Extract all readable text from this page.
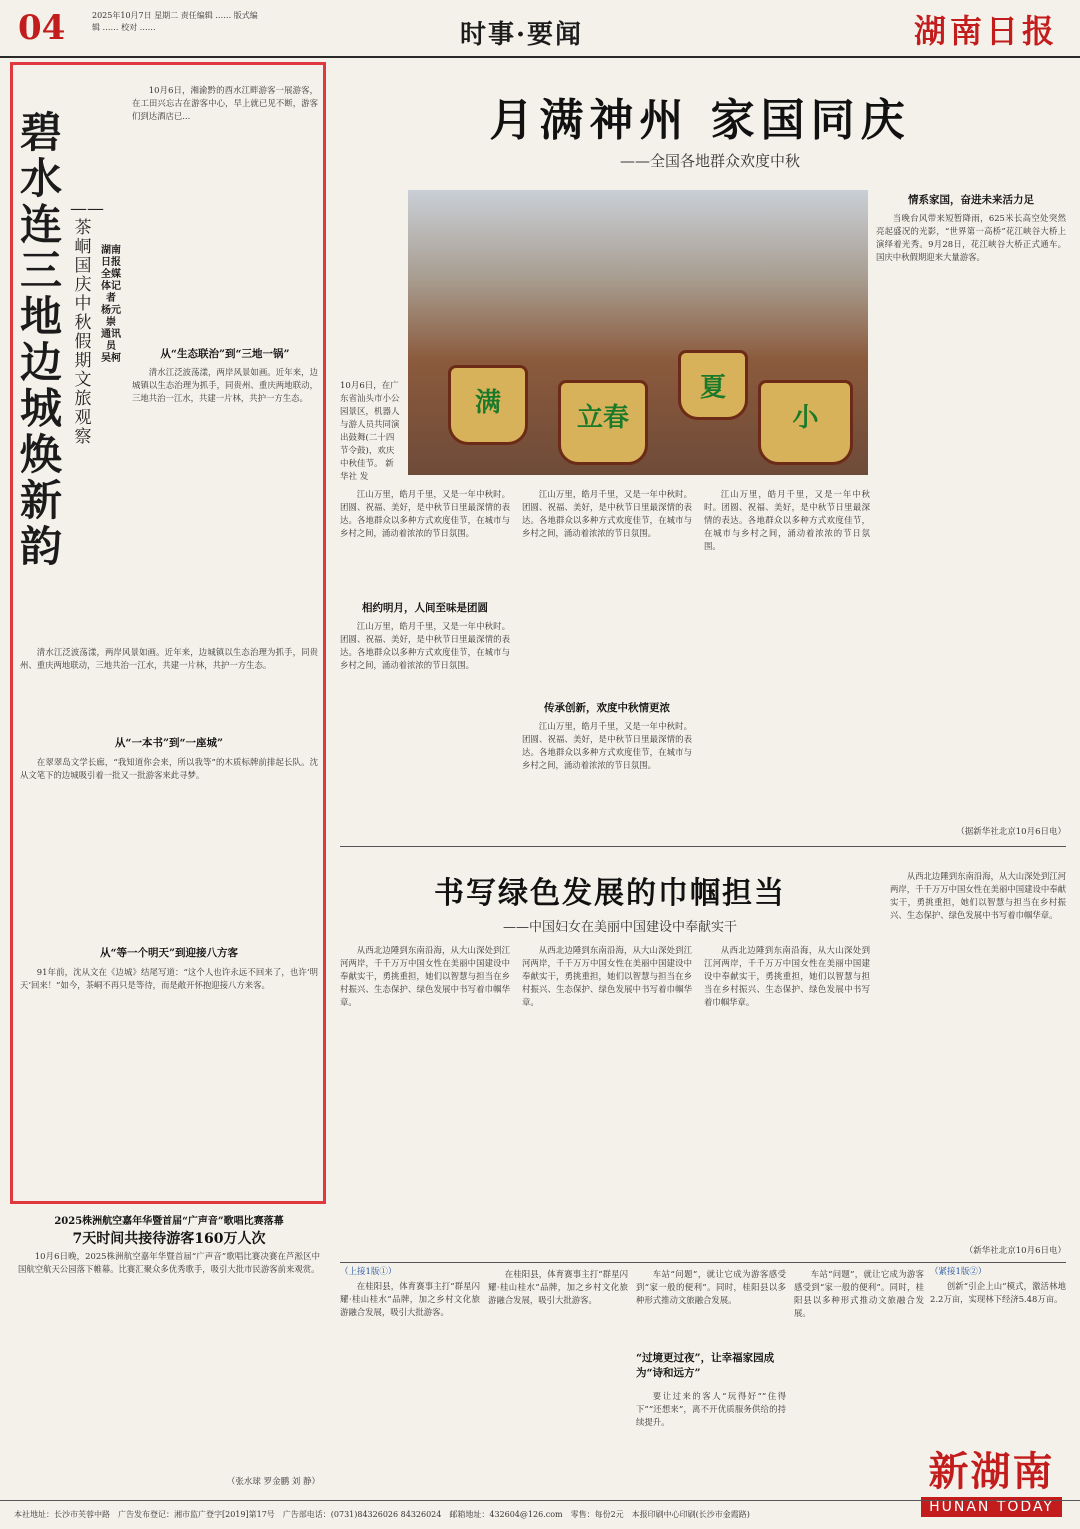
04	2025年10月7日 星期二 责任编辑 …… 版式编辑 …… 校对 ……	时事·要闻	湖南日报
碧水连三地 边城焕新韵
——茶峒国庆中秋假期文旅观察
湖南日报全媒体记者 杨元崇 通讯员 吴柯

10月6日，湘渝黔的酉水江畔游客一展游客，在工田兴忘古在游客中心，早上就已见不断，游客们到达酒店已...

从“生态联治”到“三地一锅”

清水江泛波荡漾，两岸风景如画。近年来，边城镇以生态治理为抓手，同贵州、重庆两地联动，三地共治一江水，共建一片林，共护一方生态。

清水江泛波荡漾，两岸风景如画。近年来，边城镇以生态治理为抓手，同贵州、重庆两地联动，三地共治一江水，共建一片林，共护一方生态。

从“一本书”到“一座城”

在翠翠岛文学长廊，“我知道你会来，所以我等”的木质标牌前排起长队。沈从文笔下的边城吸引着一批又一批游客来此寻梦。

从“等一个明天”到迎接八方客

91年前，沈从文在《边城》结尾写道：“这个人也许永远不回来了，也许‘明天’回来！”如今，茶峒不再只是等待，而是敞开怀抱迎接八方来客。

2025株洲航空嘉年华暨首届“广声音”歌唱比赛落幕
7天时间共接待游客160万人次

10月6日晚，2025株洲航空嘉年华暨首届“广声音”歌唱比赛决赛在芦淞区中国航空航天公园落下帷幕。比赛汇聚众多优秀歌手，吸引大批市民游客前来观赏。

（张水球 罗金鹏 刘 静）
月满神州 家国同庆
——全国各地群众欢度中秋
满	立春
夏
小
10月6日，在广东省汕头市小公园景区，机器人与游人员共同演出鼓舞(二十四节令鼓)，欢庆中秋佳节。 新华社 发
情系家国，奋进未来活力足

当晚台风带来短暂降雨，625米长高空处突然亮起盛况的光影，“世界第一高桥”花江峡谷大桥上演绎着光秀。9月28日，花江峡谷大桥正式通车。国庆中秋假期迎来大量游客。

江山万里，皓月千里，又是一年中秋时。团圆、祝福、美好，是中秋节日里最深情的表达。各地群众以多种方式欢度佳节，在城市与乡村之间，涌动着浓浓的节日氛围。

相约明月，人间至味是团圆

江山万里，皓月千里，又是一年中秋时。团圆、祝福、美好，是中秋节日里最深情的表达。各地群众以多种方式欢度佳节，在城市与乡村之间，涌动着浓浓的节日氛围。

江山万里，皓月千里，又是一年中秋时。团圆、祝福、美好，是中秋节日里最深情的表达。各地群众以多种方式欢度佳节，在城市与乡村之间，涌动着浓浓的节日氛围。

传承创新，欢度中秋情更浓

江山万里，皓月千里，又是一年中秋时。团圆、祝福、美好，是中秋节日里最深情的表达。各地群众以多种方式欢度佳节，在城市与乡村之间，涌动着浓浓的节日氛围。

江山万里，皓月千里，又是一年中秋时。团圆、祝福、美好，是中秋节日里最深情的表达。各地群众以多种方式欢度佳节，在城市与乡村之间，涌动着浓浓的节日氛围。

（据新华社北京10月6日电）
书写绿色发展的巾帼担当
——中国妇女在美丽中国建设中奉献实干

从西北边陲到东南沿海，从大山深处到江河两岸，千千万万中国女性在美丽中国建设中奉献实干，勇挑重担，她们以智慧与担当在乡村振兴、生态保护、绿色发展中书写着巾帼华章。

从西北边陲到东南沿海，从大山深处到江河两岸，千千万万中国女性在美丽中国建设中奉献实干，勇挑重担，她们以智慧与担当在乡村振兴、生态保护、绿色发展中书写着巾帼华章。

从西北边陲到东南沿海，从大山深处到江河两岸，千千万万中国女性在美丽中国建设中奉献实干，勇挑重担，她们以智慧与担当在乡村振兴、生态保护、绿色发展中书写着巾帼华章。

从西北边陲到东南沿海，从大山深处到江河两岸，千千万万中国女性在美丽中国建设中奉献实干，勇挑重担，她们以智慧与担当在乡村振兴、生态保护、绿色发展中书写着巾帼华章。

（新华社北京10月6日电）
（上接1版①）

在桂阳县，体育赛事主打“群星闪耀·桂山桂水”品牌，加之乡村文化旅游融合发展，吸引大批游客。

在桂阳县，体育赛事主打“群星闪耀·桂山桂水”品牌，加之乡村文化旅游融合发展，吸引大批游客。

车站“问题”，就让它成为游客感受到“家一般的便利”。同时，桂阳县以多种形式推动文旅融合发展。

“过境更过夜”，让幸福家园成为“诗和远方”

要让过来的客人“玩得好”“住得下”“还想来”，离不开优质服务供给的持续提升。

车站“问题”，就让它成为游客感受到“家一般的便利”。同时，桂阳县以多种形式推动文旅融合发展。

（紧接1版②）

创新“引企上山”模式，激活林地2.2万亩，实现林下经济5.48万亩。

新湖南
HUNAN TODAY
本社地址：长沙市芙蓉中路　广告发布登记：湘市监广登字[2019]第17号　广告部电话：(0731)84326026 84326024　邮箱地址：432604@126.com　零售：每份2元　本报印刷中心印刷(长沙市金霞路)
